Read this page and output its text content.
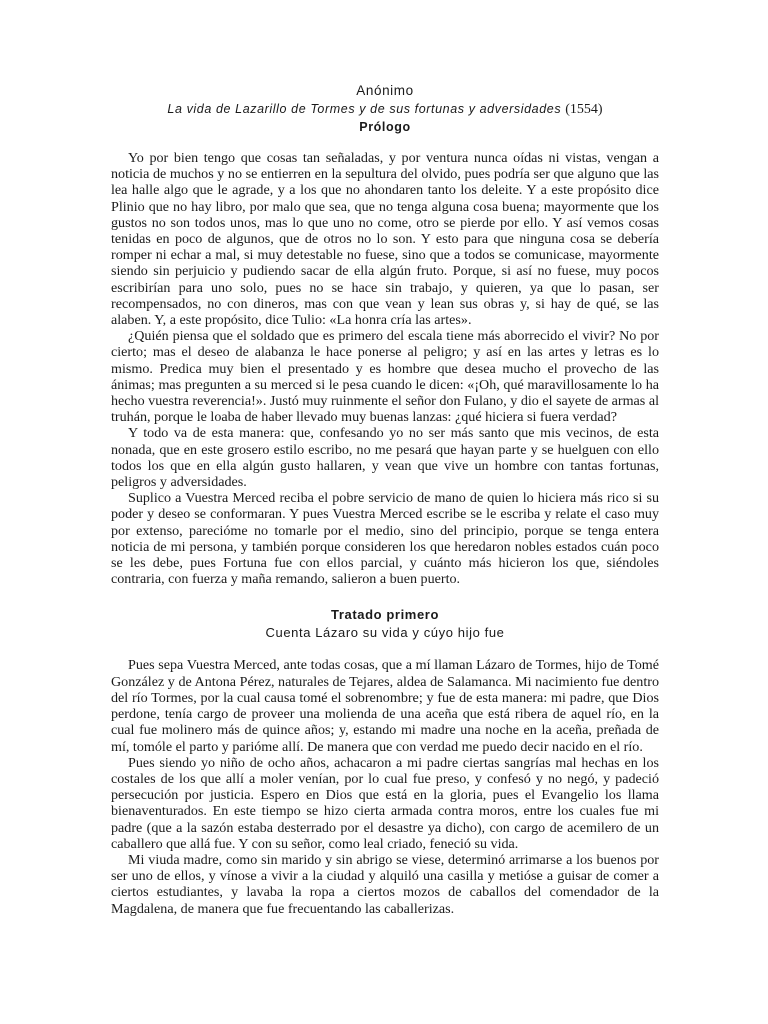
Anónimo
La vida de Lazarillo de Tormes y de sus fortunas y adversidades (1554)
Prólogo

Yo por bien tengo que cosas tan señaladas, y por ventura nunca oídas ni vistas, vengan a noticia de muchos y no se entierren en la sepultura del olvido, pues podría ser que alguno que las lea halle algo que le agrade, y a los que no ahondaren tanto los deleite. Y a este propósito dice Plinio que no hay libro, por malo que sea, que no tenga alguna cosa buena; mayormente que los gustos no son todos unos, mas lo que uno no come, otro se pierde por ello. Y así vemos cosas tenidas en poco de algunos, que de otros no lo son. Y esto para que ninguna cosa se debería romper ni echar a mal, si muy detestable no fuese, sino que a todos se comunicase, mayormente siendo sin perjuicio y pudiendo sacar de ella algún fruto. Porque, si así no fuese, muy pocos escribirían para uno solo, pues no se hace sin trabajo, y quieren, ya que lo pasan, ser recompensados, no con dineros, mas con que vean y lean sus obras y, si hay de qué, se las alaben. Y, a este propósito, dice Tulio: «La honra cría las artes».

¿Quién piensa que el soldado que es primero del escala tiene más aborrecido el vivir? No por cierto; mas el deseo de alabanza le hace ponerse al peligro; y así en las artes y letras es lo mismo. Predica muy bien el presentado y es hombre que desea mucho el provecho de las ánimas; mas pregunten a su merced si le pesa cuando le dicen: «¡Oh, qué maravillosamente lo ha hecho vuestra reverencia!». Justó muy ruinmente el señor don Fulano, y dio el sayete de armas al truhán, porque le loaba de haber llevado muy buenas lanzas: ¿qué hiciera si fuera verdad?

Y todo va de esta manera: que, confesando yo no ser más santo que mis vecinos, de esta nonada, que en este grosero estilo escribo, no me pesará que hayan parte y se huelguen con ello todos los que en ella algún gusto hallaren, y vean que vive un hombre con tantas fortunas, peligros y adversidades.

Suplico a Vuestra Merced reciba el pobre servicio de mano de quien lo hiciera más rico si su poder y deseo se conformaran. Y pues Vuestra Merced escribe se le escriba y relate el caso muy por extenso, parecióme no tomarle por el medio, sino del principio, porque se tenga entera noticia de mi persona, y también porque consideren los que heredaron nobles estados cuán poco se les debe, pues Fortuna fue con ellos parcial, y cuánto más hicieron los que, siéndoles contraria, con fuerza y maña remando, salieron a buen puerto.

Tratado primero
Cuenta Lázaro su vida y cúyo hijo fue

Pues sepa Vuestra Merced, ante todas cosas, que a mí llaman Lázaro de Tormes, hijo de Tomé González y de Antona Pérez, naturales de Tejares, aldea de Salamanca. Mi nacimiento fue dentro del río Tormes, por la cual causa tomé el sobrenombre; y fue de esta manera: mi padre, que Dios perdone, tenía cargo de proveer una molienda de una aceña que está ribera de aquel río, en la cual fue molinero más de quince años; y, estando mi madre una noche en la aceña, preñada de mí, tomóle el parto y parióme allí. De manera que con verdad me puedo decir nacido en el río.

Pues siendo yo niño de ocho años, achacaron a mi padre ciertas sangrías mal hechas en los costales de los que allí a moler venían, por lo cual fue preso, y confesó y no negó, y padeció persecución por justicia. Espero en Dios que está en la gloria, pues el Evangelio los llama bienaventurados. En este tiempo se hizo cierta armada contra moros, entre los cuales fue mi padre (que a la sazón estaba desterrado por el desastre ya dicho), con cargo de acemilero de un caballero que allá fue. Y con su señor, como leal criado, feneció su vida.

Mi viuda madre, como sin marido y sin abrigo se viese, determinó arrimarse a los buenos por ser uno de ellos, y vínose a vivir a la ciudad y alquiló una casilla y metióse a guisar de comer a ciertos estudiantes, y lavaba la ropa a ciertos mozos de caballos del comendador de la Magdalena, de manera que fue frecuentando las caballerizas.
